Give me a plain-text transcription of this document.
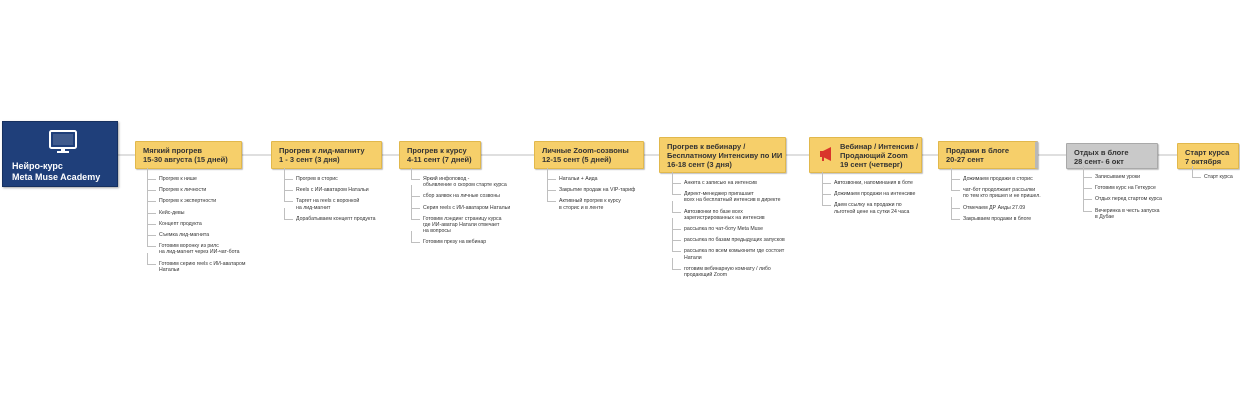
Нейро-курс
Meta Muse Academy
Мягкий прогрев
15-30 августа (15 дней)
Прогрев к нише
Прогрев к личности
Прогрев к экспертности
Кейс-девы
Концепт продукта
Съемка лид-магнита
Готовим воронку из рилс
на лид-магнит через ИИ-чат-бота
Готовим серию reels с ИИ-аватаром
Натальи
Прогрев к лид-магниту
1 - 3 сент (3 дня)
Прогрев в сторис
Reels с ИИ-аватаром Натальи
Таргет на reels с воронкой
на лид-магнит
Дорабатываем концепт продукта
Прогрев к курсу
4-11 сент (7 дней)
Яркий инфоповод -
объявление о скором старте курса
сбор заявок на личные созвоны
Серия reels с ИИ-аватаром Натальи
Готовим лэндинг страницу курса
где ИИ-аватар Натали отвечает
на вопросы
Готовим презу на вебинар
Личные Zoom-созвоны
12-15 сент (5 дней)
Натальи + Аида
Закрытие продаж на VIP-тариф
Активный прогрев к курсу
в сторис и в ленте
Прогрев к вебинару /
Бесплатному Интенсиву по ИИ
16-18 сент (3 дня)
Анкета с записью на интенсив
Директ-менеджер пригашает
всех на бесплатный интенсив в директе
Автозвонки по базе всех
зарегистрированных на интенсив
рассылка по чат-боту Meta Muse
рассылка по базам предыдущих запусков
рассылка по всем комьюнити где состоит
Натали
готовим вебинарную комнату / либо
продающий Zoom
Вебинар / Интенсив /
Продающий Zoom
19 сент (четверг)
Автозвонки, напоминания в боте
Дожимаем продажи на интенсиве
Даем ссылку на продажи по
льготной цене на сутки 24 часа
Продажи в блоге
20-27 сент
Дожимаем продажи в сторис
чат-бот продолжает рассылки
по тем кто пришел и не пришел.
Отмечаем ДР Аиды 27.09
Закрываем продажи в блоге
Отдых в блоге
28 сент- 6 окт
Записываем уроки
Готовим курс на Геткурсе
Отдых перед стартом курса
Вечеринка в честь запуска
в Дубае
Старт курса
7 октября
Старт курса
